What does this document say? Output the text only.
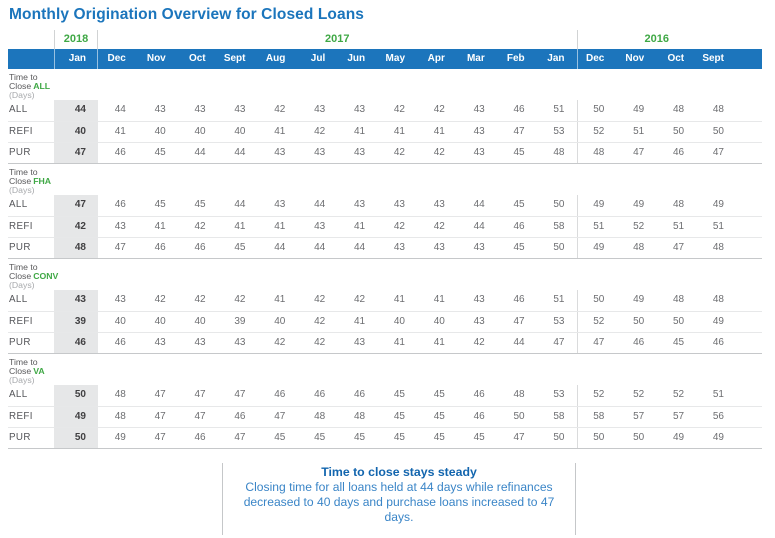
Monthly Origination Overview for Closed Loans
2018	2017	2016
Jan	Dec	Nov	Oct	Sept	Aug	Jul	Jun	May	Apr	Mar	Feb	Jan	Dec	Nov	Oct	Sept
Time to
Close ALL
(Days)
ALL	44	44	43	43	43	42	43	43	42	42	43	46	51	50	49	48	48
REFI	40	41	40	40	40	41	42	41	41	41	43	47	53	52	51	50	50
PUR	47	46	45	44	44	43	43	43	42	42	43	45	48	48	47	46	47
Time to
Close FHA
(Days)
ALL	47	46	45	45	44	43	44	43	43	43	44	45	50	49	49	48	49
REFI	42	43	41	42	41	41	43	41	42	42	44	46	58	51	52	51	51
PUR	48	47	46	46	45	44	44	44	43	43	43	45	50	49	48	47	48
Time to
Close CONV
(Days)
ALL	43	43	42	42	42	41	42	42	41	41	43	46	51	50	49	48	48
REFI	39	40	40	40	39	40	42	41	40	40	43	47	53	52	50	50	49
PUR	46	46	43	43	43	42	42	43	41	41	42	44	47	47	46	45	46
Time to
Close VA
(Days)
ALL	50	48	47	47	47	46	46	46	45	45	46	48	53	52	52	52	51
REFI	49	48	47	47	46	47	48	48	45	45	46	50	58	58	57	57	56
PUR	50	49	47	46	47	45	45	45	45	45	45	47	50	50	50	49	49
Time to close stays steady
Closing time for all loans held at 44 days while refinances decreased to 40 days and purchase loans increased to 47 days.
